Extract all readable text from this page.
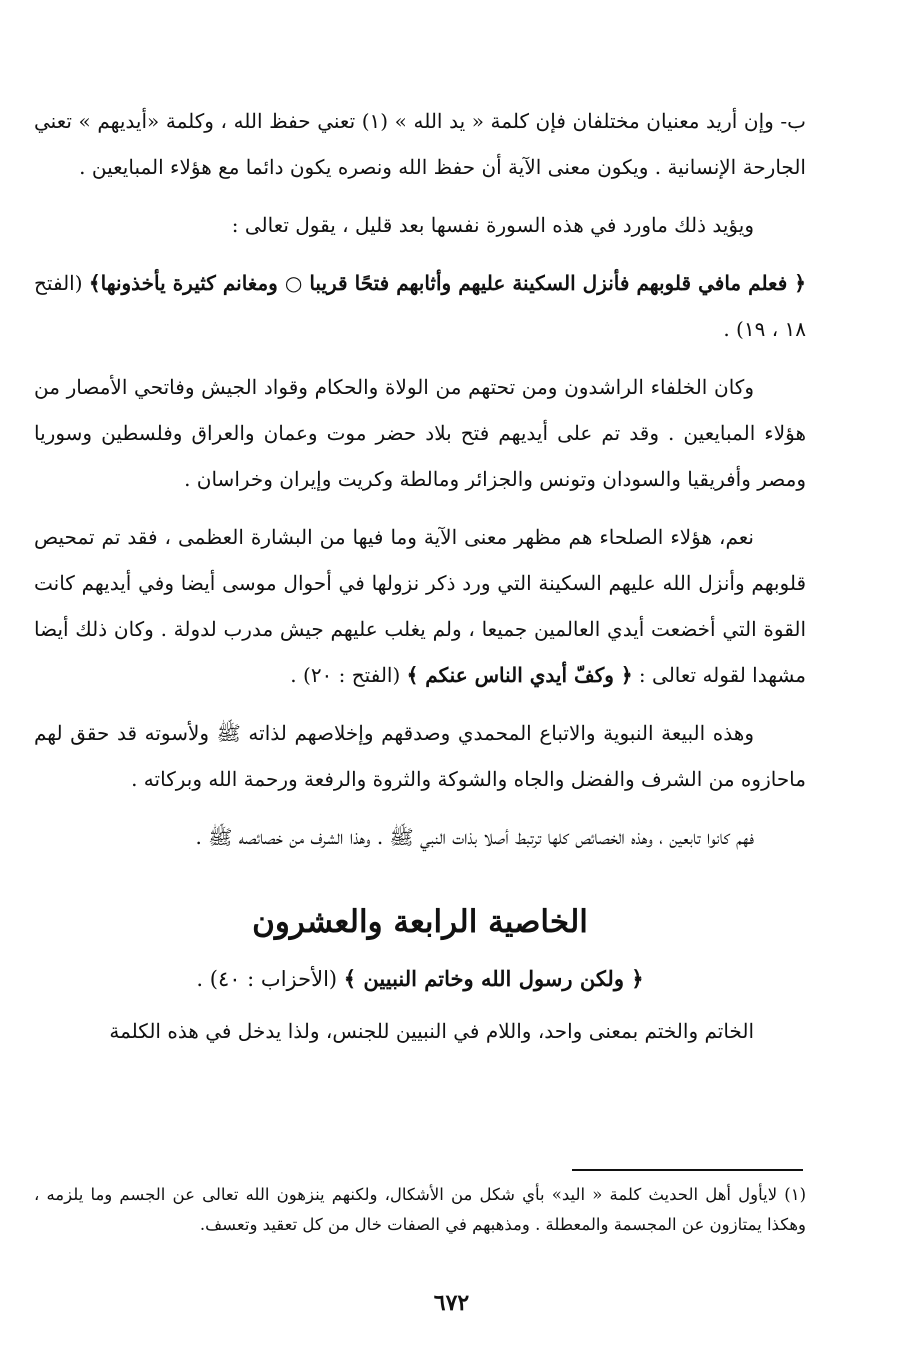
ب- وإن أريد معنيان مختلفان فإن كلمة « يد الله » (١) تعني حفظ الله ، وكلمة «أيديهم » تعني الجارحة الإنسانية . ويكون معنى الآية أن حفظ الله ونصره يكون دائما مع هؤلاء المبايعين .

ويؤيد ذلك ماورد في هذه السورة نفسها بعد قليل ، يقول تعالى :

﴿ فعلم مافي قلوبهم فأنزل السكينة عليهم وأثابهم فتحًا قريبا ○ ومغانم كثيرة يأخذونها﴾ (الفتح ١٨ ، ١٩) .

وكان الخلفاء الراشدون ومن تحتهم من الولاة والحكام وقواد الجيش وفاتحي الأمصار من هؤلاء المبايعين . وقد تم على أيديهم فتح بلاد حضر موت وعمان والعراق وفلسطين وسوريا ومصر وأفريقيا والسودان وتونس والجزائر ومالطة وكريت وإيران وخراسان .

نعم، هؤلاء الصلحاء هم مظهر معنى الآية وما فيها من البشارة العظمى ، فقد تم تمحيص قلوبهم وأنزل الله عليهم السكينة التي ورد ذكر نزولها في أحوال موسى أيضا وفي أيديهم كانت القوة التي أخضعت أيدي العالمين جميعا ، ولم يغلب عليهم جيش مدرب لدولة . وكان ذلك أيضا مشهدا لقوله تعالى : ﴿ وكفّ أيدي الناس عنكم ﴾ (الفتح : ٢٠) .

وهذه البيعة النبوية والاتباع المحمدي وصدقهم وإخلاصهم لذاته ﷺ ولأسوته قد حقق لهم ماحازوه من الشرف والفضل والجاه والشوكة والثروة والرفعة ورحمة الله وبركاته .

فهم كانوا تابعين ، وهذه الخصائص كلها ترتبط أصلا بذات النبي ﷺ . وهذا الشرف من خصائصه ﷺ .

الخاصية الرابعة والعشرون
﴿ ولكن رسول الله وخاتم النبيين ﴾ (الأحزاب : ٤٠) .

الخاتم والختم بمعنى واحد، واللام في النبيين للجنس، ولذا يدخل في هذه الكلمة

(١) لايأول أهل الحديث كلمة « اليد» بأي شكل من الأشكال، ولكنهم ينزهون الله تعالى عن الجسم وما يلزمه ، وهكذا يمتازون عن المجسمة والمعطلة . ومذهبهم في الصفات خال من كل تعقيد وتعسف.
٦٧٢
